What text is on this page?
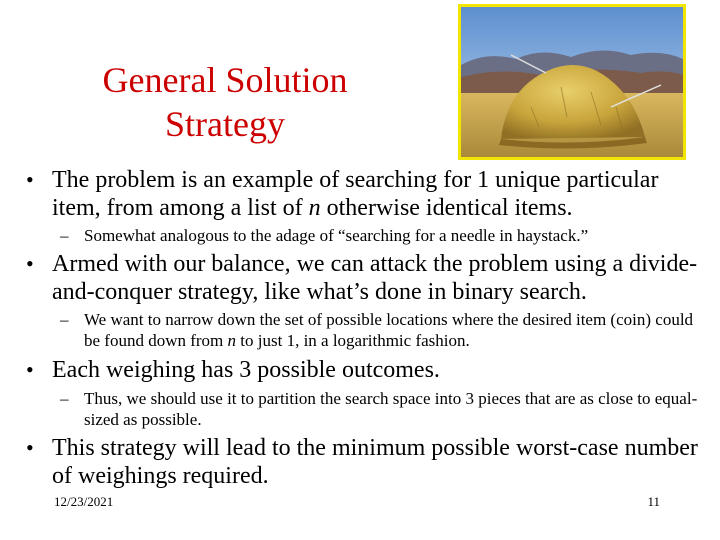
General Solution
Strategy
• The problem is an example of searching for 1 unique particular item, from among a list of n otherwise identical items.
– Somewhat analogous to the adage of “searching for a needle in haystack.”
• Armed with our balance, we can attack the problem using a divide-and-conquer strategy, like what’s done in binary search.
– We want to narrow down the set of possible locations where the desired item (coin) could be found down from n to just 1, in a logarithmic fashion.
• Each weighing has 3 possible outcomes.
– Thus, we should use it to partition the search space into 3 pieces that are as close to equal-sized as possible.
• This strategy will lead to the minimum possible worst-case number of weighings required.
12/23/2021	11
